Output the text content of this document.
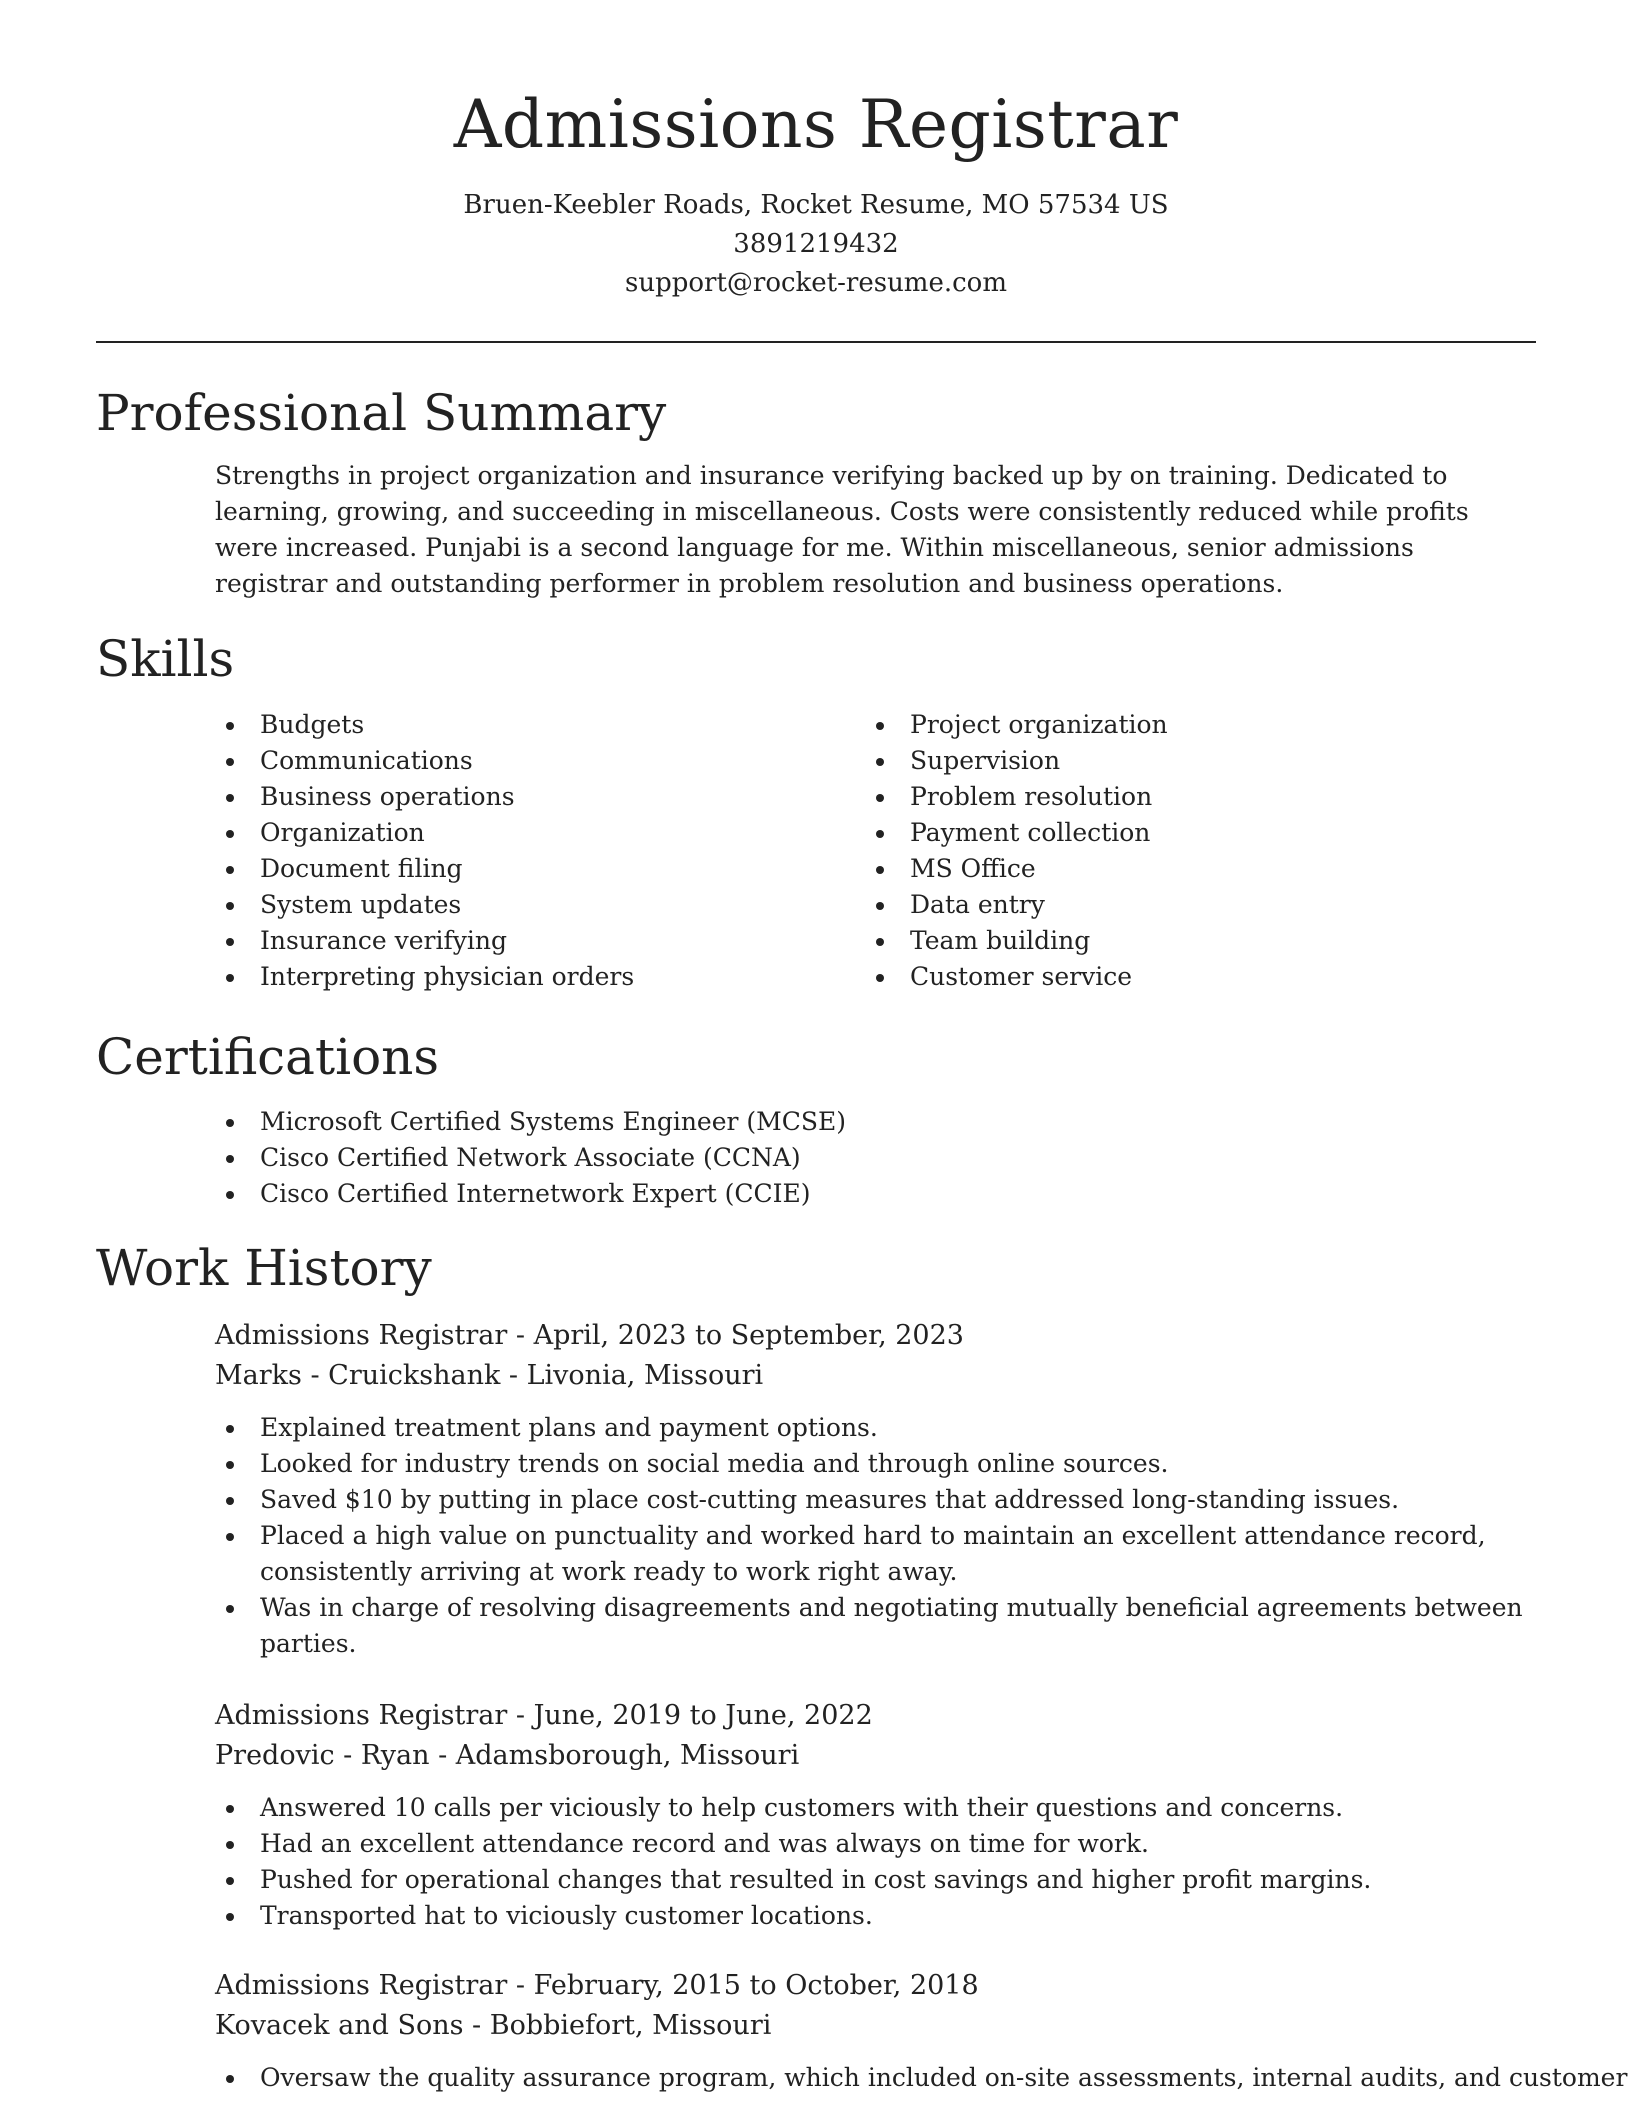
Admissions Registrar
Bruen-Keebler Roads, Rocket Resume, MO 57534 US
3891219432
support@rocket-resume.com
Professional Summary
Strengths in project organization and insurance verifying backed up by on training. Dedicated to learning, growing, and succeeding in miscellaneous. Costs were consistently reduced while profits were increased. Punjabi is a second language for me. Within miscellaneous, senior admissions registrar and outstanding performer in problem resolution and business operations.
Skills
Budgets
Communications
Business operations
Organization
Document filing
System updates
Insurance verifying
Interpreting physician orders
Project organization
Supervision
Problem resolution
Payment collection
MS Office
Data entry
Team building
Customer service
Certifications
Microsoft Certified Systems Engineer (MCSE)
Cisco Certified Network Associate (CCNA)
Cisco Certified Internetwork Expert (CCIE)
Work History
Admissions Registrar - April, 2023 to September, 2023
Marks - Cruickshank - Livonia, Missouri
Explained treatment plans and payment options.
Looked for industry trends on social media and through online sources.
Saved $10 by putting in place cost-cutting measures that addressed long-standing issues.
Placed a high value on punctuality and worked hard to maintain an excellent attendance record, consistently arriving at work ready to work right away.
Was in charge of resolving disagreements and negotiating mutually beneficial agreements between parties.
Admissions Registrar - June, 2019 to June, 2022
Predovic - Ryan - Adamsborough, Missouri
Answered 10 calls per viciously to help customers with their questions and concerns.
Had an excellent attendance record and was always on time for work.
Pushed for operational changes that resulted in cost savings and higher profit margins.
Transported hat to viciously customer locations.
Admissions Registrar - February, 2015 to October, 2018
Kovacek and Sons - Bobbiefort, Missouri
Oversaw the quality assurance program, which included on-site assessments, internal audits, and customer
